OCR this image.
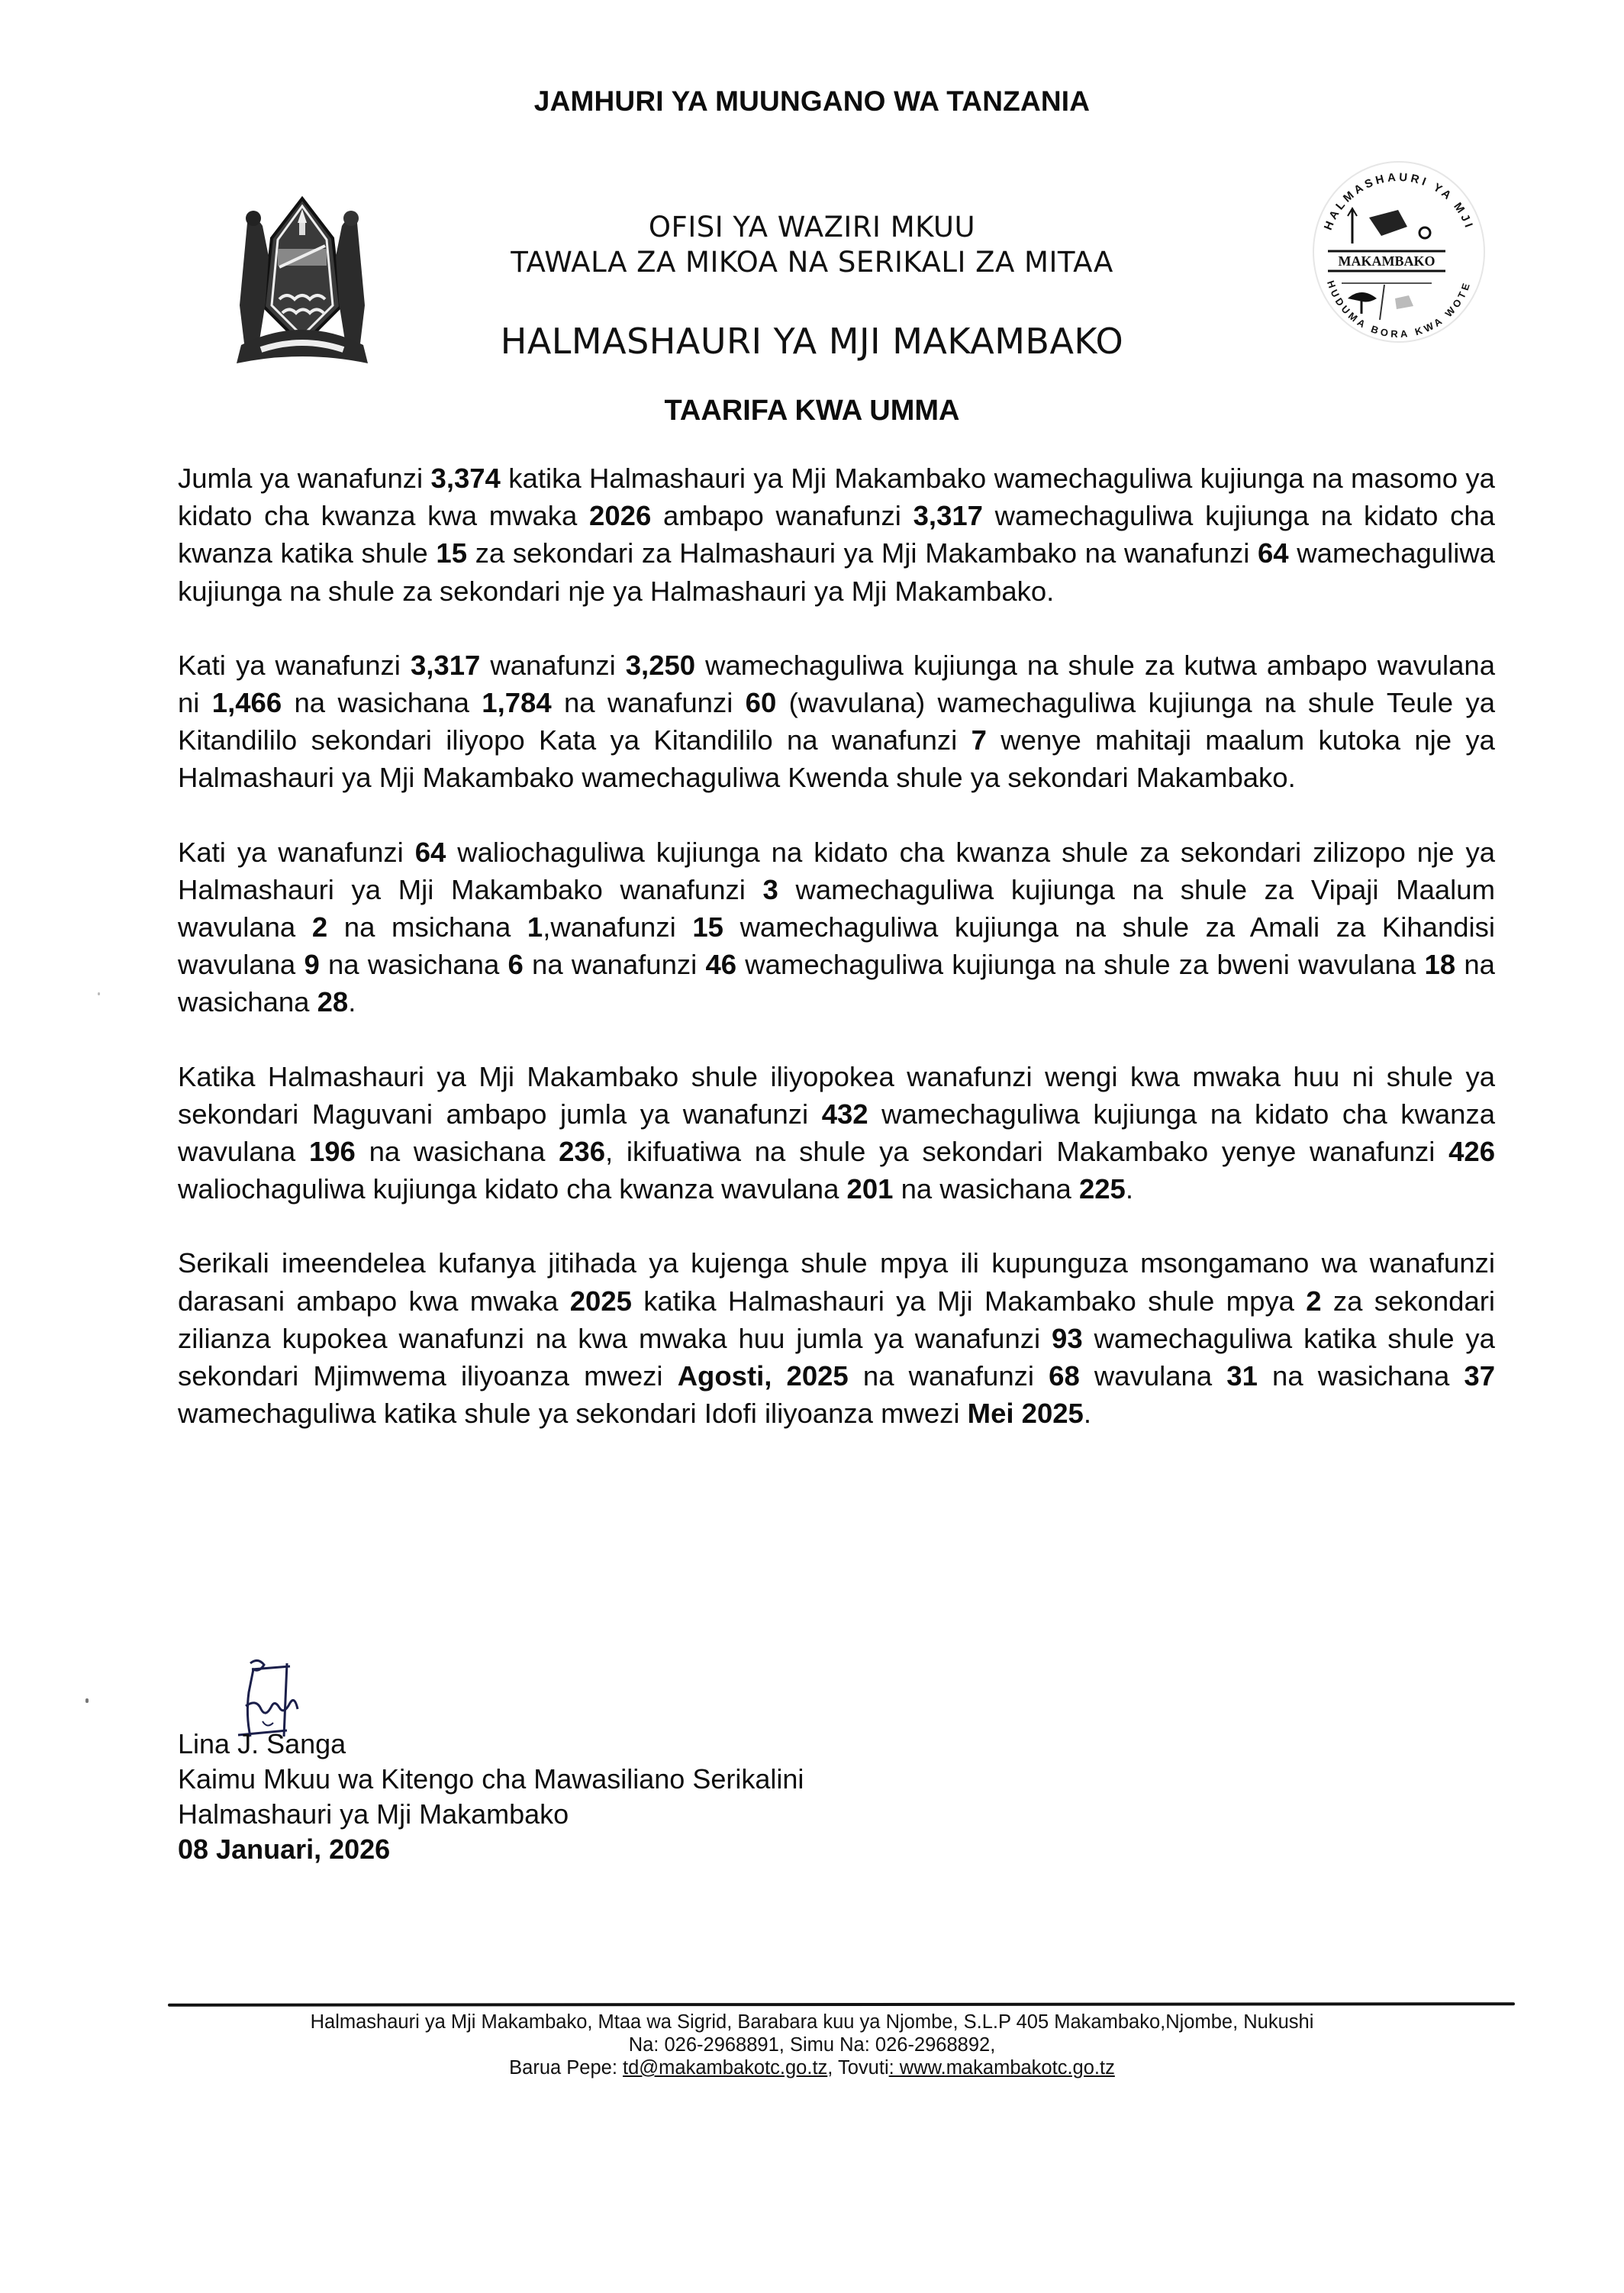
JAMHURI YA MUUNGANO WA TANZANIA
OFISI YA WAZIRI MKUU
TAWALA ZA MIKOA NA SERIKALI ZA MITAA
HALMASHAURI YA MJI MAKAMBAKO
HALMASHAURI YA MJI
HUDUMA BORA KWA WOTE
MAKAMBAKO
TAARIFA KWA UMMA

Jumla ya wanafunzi 3,374 katika Halmashauri ya Mji Makambako wamechaguliwa kujiunga na masomo ya kidato cha kwanza kwa mwaka 2026 ambapo wanafunzi 3,317 wamechaguliwa kujiunga na kidato cha kwanza katika shule 15 za sekondari za Halmashauri ya Mji Makambako na wanafunzi 64 wamechaguliwa kujiunga na shule za sekondari nje ya Halmashauri ya Mji Makambako.

Kati ya wanafunzi 3,317 wanafunzi 3,250 wamechaguliwa kujiunga na shule za kutwa ambapo wavulana ni 1,466 na wasichana 1,784 na wanafunzi 60 (wavulana) wamechaguliwa kujiunga na shule Teule ya Kitandililo sekondari iliyopo Kata ya Kitandililo na wanafunzi 7 wenye mahitaji maalum kutoka nje ya Halmashauri ya Mji Makambako wamechaguliwa Kwenda shule ya sekondari Makambako.

Kati ya wanafunzi 64 waliochaguliwa kujiunga na kidato cha kwanza shule za sekondari zilizopo nje ya Halmashauri ya Mji Makambako wanafunzi 3 wamechaguliwa kujiunga na shule za Vipaji Maalum wavulana 2 na msichana 1,wanafunzi 15 wamechaguliwa kujiunga na shule za Amali za Kihandisi wavulana 9 na wasichana 6 na wanafunzi 46 wamechaguliwa kujiunga na shule za bweni wavulana 18 na wasichana 28.

Katika Halmashauri ya Mji Makambako shule iliyopokea wanafunzi wengi kwa mwaka huu ni shule ya sekondari Maguvani ambapo jumla ya wanafunzi 432 wamechaguliwa kujiunga na kidato cha kwanza wavulana 196 na wasichana 236, ikifuatiwa na shule ya sekondari Makambako yenye wanafunzi 426 waliochaguliwa kujiunga kidato cha kwanza wavulana 201 na wasichana 225.

Serikali imeendelea kufanya jitihada ya kujenga shule mpya ili kupunguza msongamano wa wanafunzi darasani ambapo kwa mwaka 2025 katika Halmashauri ya Mji Makambako shule mpya 2 za sekondari zilianza kupokea wanafunzi na kwa mwaka huu jumla ya wanafunzi 93 wamechaguliwa katika shule ya sekondari Mjimwema iliyoanza mwezi Agosti, 2025 na wanafunzi 68 wavulana 31 na wasichana 37 wamechaguliwa katika shule ya sekondari Idofi iliyoanza mwezi Mei 2025.

Lina J. Sanga
Kaimu Mkuu wa Kitengo cha Mawasiliano Serikalini
Halmashauri ya Mji Makambako
08 Januari, 2026
Halmashauri ya Mji Makambako, Mtaa wa Sigrid, Barabara kuu ya Njombe, S.L.P 405 Makambako,Njombe, Nukushi
Na: 026-2968891, Simu Na: 026-2968892,
Barua Pepe: td@makambakotc.go.tz, Tovuti: www.makambakotc.go.tz
